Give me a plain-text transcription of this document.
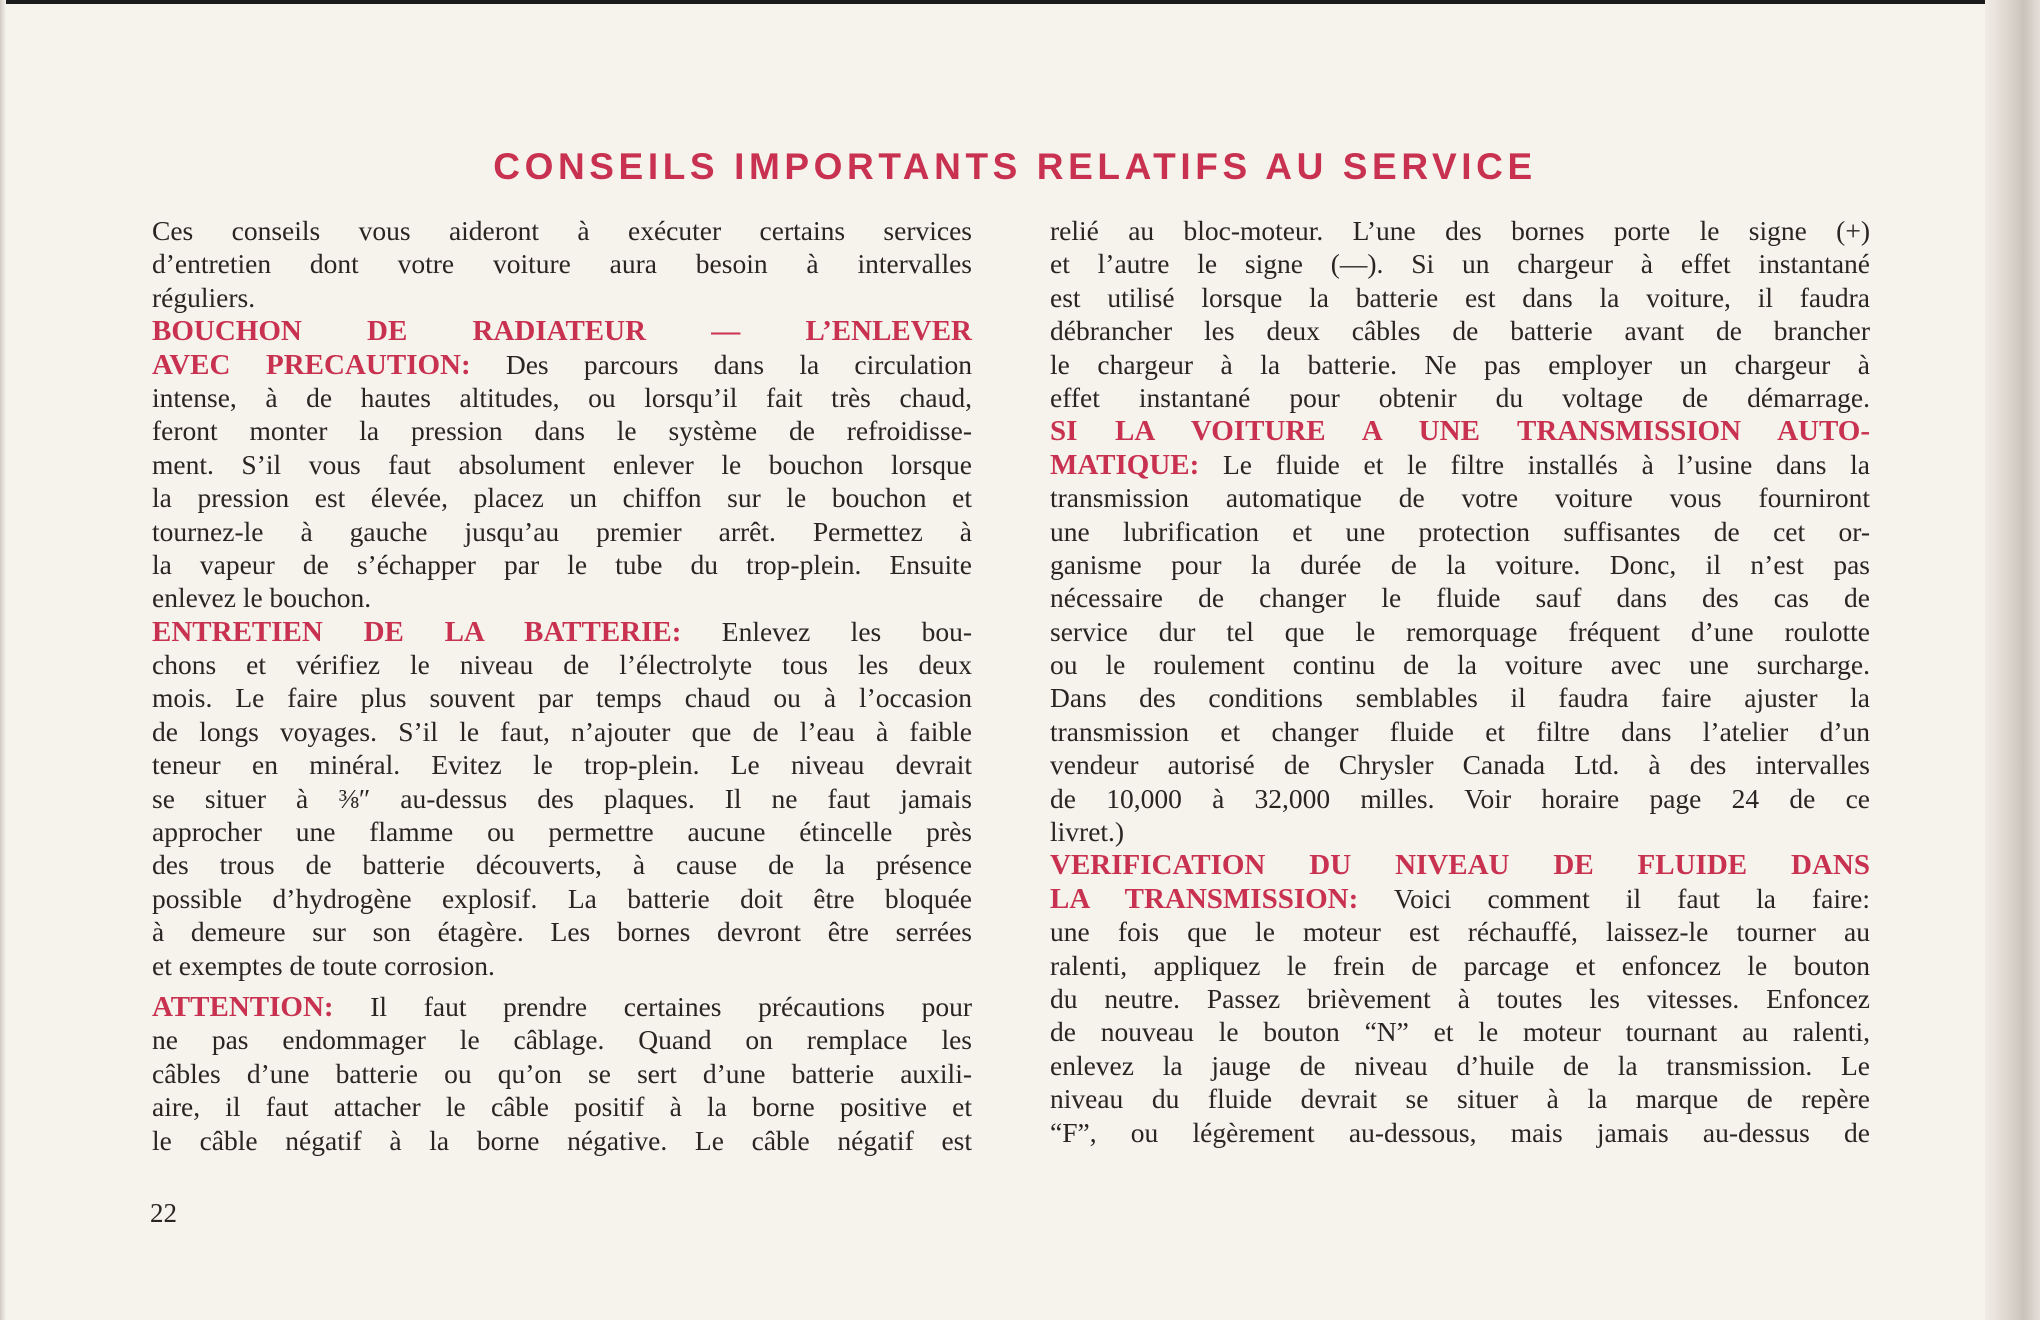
CONSEILS IMPORTANTS RELATIFS AU SERVICE
Ces conseils vous aideront à exécuter certains services
d’entretien dont votre voiture aura besoin à intervalles
réguliers.
BOUCHON DE RADIATEUR — L’ENLEVER
AVEC PRECAUTION: Des parcours dans la circulation
intense, à de hautes altitudes, ou lorsqu’il fait très chaud,
feront monter la pression dans le système de refroidisse-
ment. S’il vous faut absolument enlever le bouchon lorsque
la pression est élevée, placez un chiffon sur le bouchon et
tournez-le à gauche jusqu’au premier arrêt. Permettez à
la vapeur de s’échapper par le tube du trop-plein. Ensuite
enlevez le bouchon.
ENTRETIEN DE LA BATTERIE: Enlevez les bou-
chons et vérifiez le niveau de l’électrolyte tous les deux
mois. Le faire plus souvent par temps chaud ou à l’occasion
de longs voyages. S’il le faut, n’ajouter que de l’eau à faible
teneur en minéral. Evitez le trop-plein. Le niveau devrait
se situer à ⅜″ au-dessus des plaques. Il ne faut jamais
approcher une flamme ou permettre aucune étincelle près
des trous de batterie découverts, à cause de la présence
possible d’hydrogène explosif. La batterie doit être bloquée
à demeure sur son étagère. Les bornes devront être serrées
et exemptes de toute corrosion.
ATTENTION: Il faut prendre certaines précautions pour
ne pas endommager le câblage. Quand on remplace les
câbles d’une batterie ou qu’on se sert d’une batterie auxili-
aire, il faut attacher le câble positif à la borne positive et
le câble négatif à la borne négative. Le câble négatif est
relié au bloc-moteur. L’une des bornes porte le signe (+)
et l’autre le signe (—). Si un chargeur à effet instantané
est utilisé lorsque la batterie est dans la voiture, il faudra
débrancher les deux câbles de batterie avant de brancher
le chargeur à la batterie. Ne pas employer un chargeur à
effet instantané pour obtenir du voltage de démarrage.
SI LA VOITURE A UNE TRANSMISSION AUTO-
MATIQUE: Le fluide et le filtre installés à l’usine dans la
transmission automatique de votre voiture vous fourniront
une lubrification et une protection suffisantes de cet or-
ganisme pour la durée de la voiture. Donc, il n’est pas
nécessaire de changer le fluide sauf dans des cas de
service dur tel que le remorquage fréquent d’une roulotte
ou le roulement continu de la voiture avec une surcharge.
Dans des conditions semblables il faudra faire ajuster la
transmission et changer fluide et filtre dans l’atelier d’un
vendeur autorisé de Chrysler Canada Ltd. à des intervalles
de 10,000 à 32,000 milles. Voir horaire page 24 de ce
livret.)
VERIFICATION DU NIVEAU DE FLUIDE DANS
LA TRANSMISSION: Voici comment il faut la faire:
une fois que le moteur est réchauffé, laissez-le tourner au
ralenti, appliquez le frein de parcage et enfoncez le bouton
du neutre. Passez brièvement à toutes les vitesses. Enfoncez
de nouveau le bouton “N” et le moteur tournant au ralenti,
enlevez la jauge de niveau d’huile de la transmission. Le
niveau du fluide devrait se situer à la marque de repère
“F”, ou légèrement au-dessous, mais jamais au-dessus de
22
